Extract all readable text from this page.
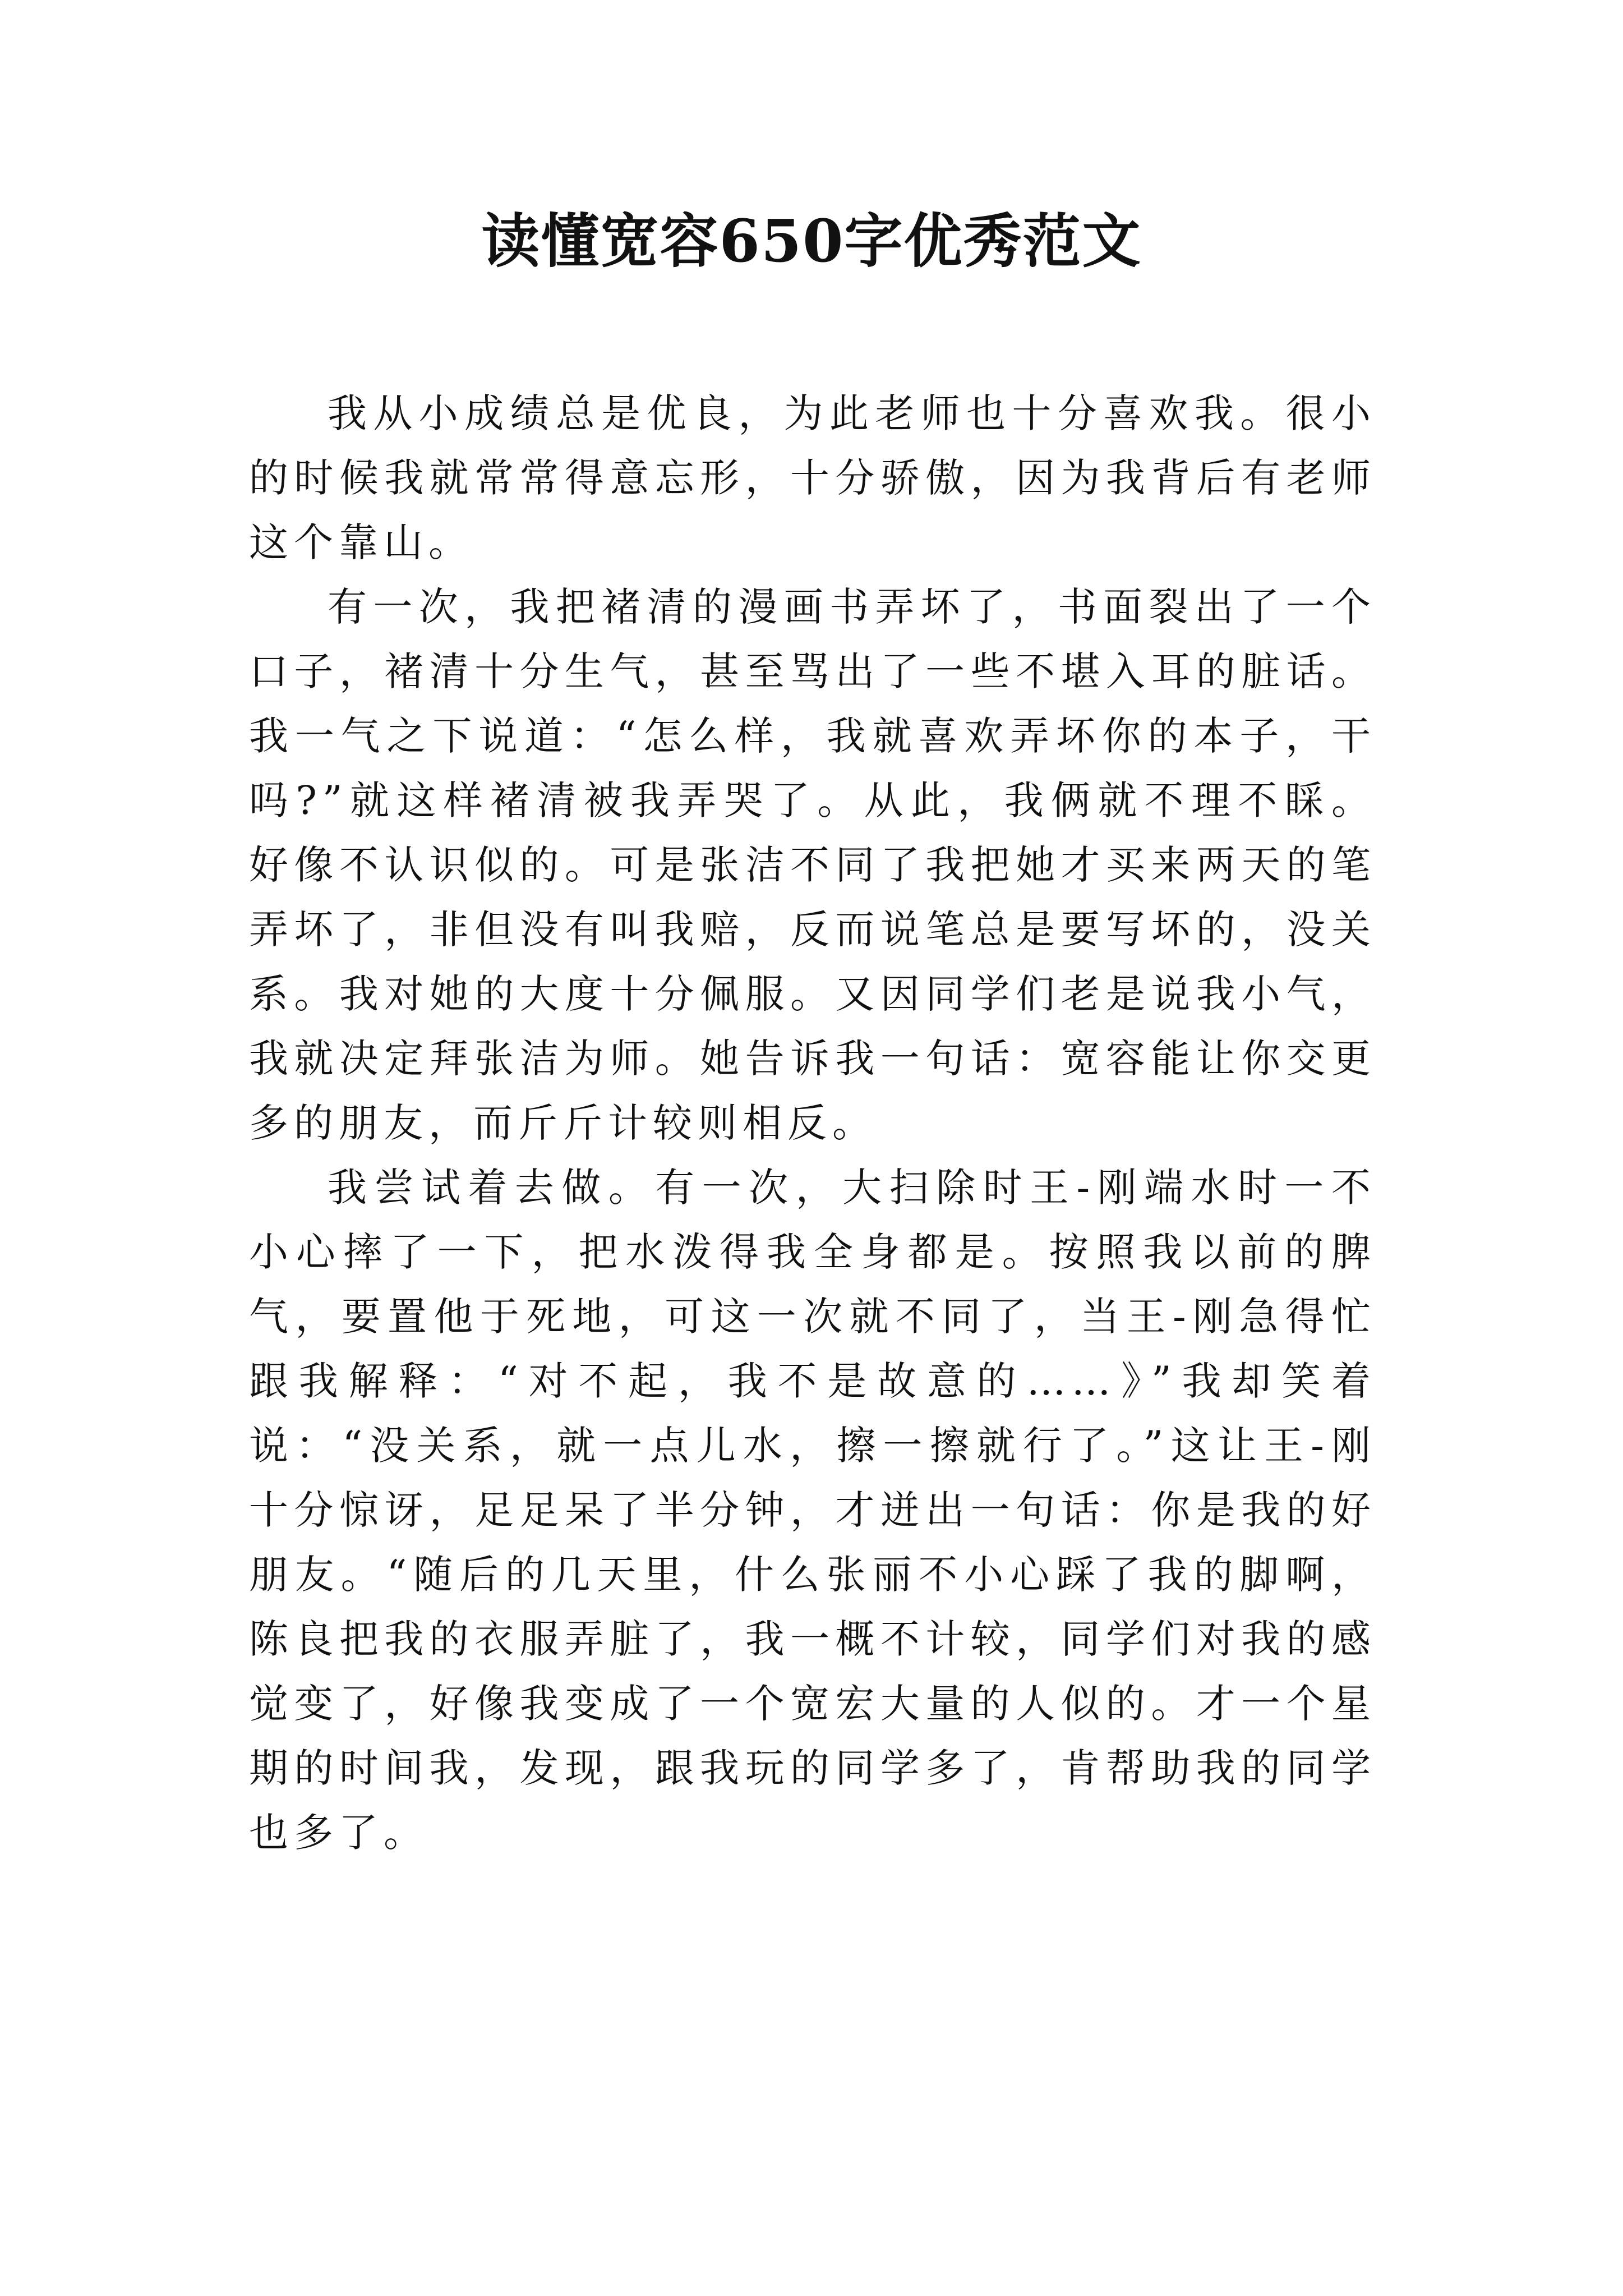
读懂宽容650字优秀范文

我从小成绩总是优良，为此老师也十分喜欢我。很小的时候我就常常得意忘形，十分骄傲，因为我背后有老师这个靠山。

有一次，我把褚清的漫画书弄坏了，书面裂出了一个口子，褚清十分生气，甚至骂出了一些不堪入耳的脏话。我一气之下说道：“怎么样，我就喜欢弄坏你的本子，干吗?”就这样褚清被我弄哭了。从此，我俩就不理不睬。好像不认识似的。可是张洁不同了我把她才买来两天的笔弄坏了，非但没有叫我赔，反而说笔总是要写坏的，没关系。我对她的大度十分佩服。又因同学们老是说我小气，我就决定拜张洁为师。她告诉我一句话：宽容能让你交更多的朋友，而斤斤计较则相反。

我尝试着去做。有一次，大扫除时王-刚端水时一不小心摔了一下，把水泼得我全身都是。按照我以前的脾气，要置他于死地，可这一次就不同了，当王-刚急得忙跟我解释：“对不起，我不是故意的……》”我却笑着说：“没关系，就一点儿水，擦一擦就行了。”这让王-刚十分惊讶，足足呆了半分钟，才迸出一句话：你是我的好朋友。“随后的几天里，什么张丽不小心踩了我的脚啊，陈良把我的衣服弄脏了，我一概不计较，同学们对我的感觉变了，好像我变成了一个宽宏大量的人似的。才一个星期的时间我，发现，跟我玩的同学多了，肯帮助我的同学也多了。
